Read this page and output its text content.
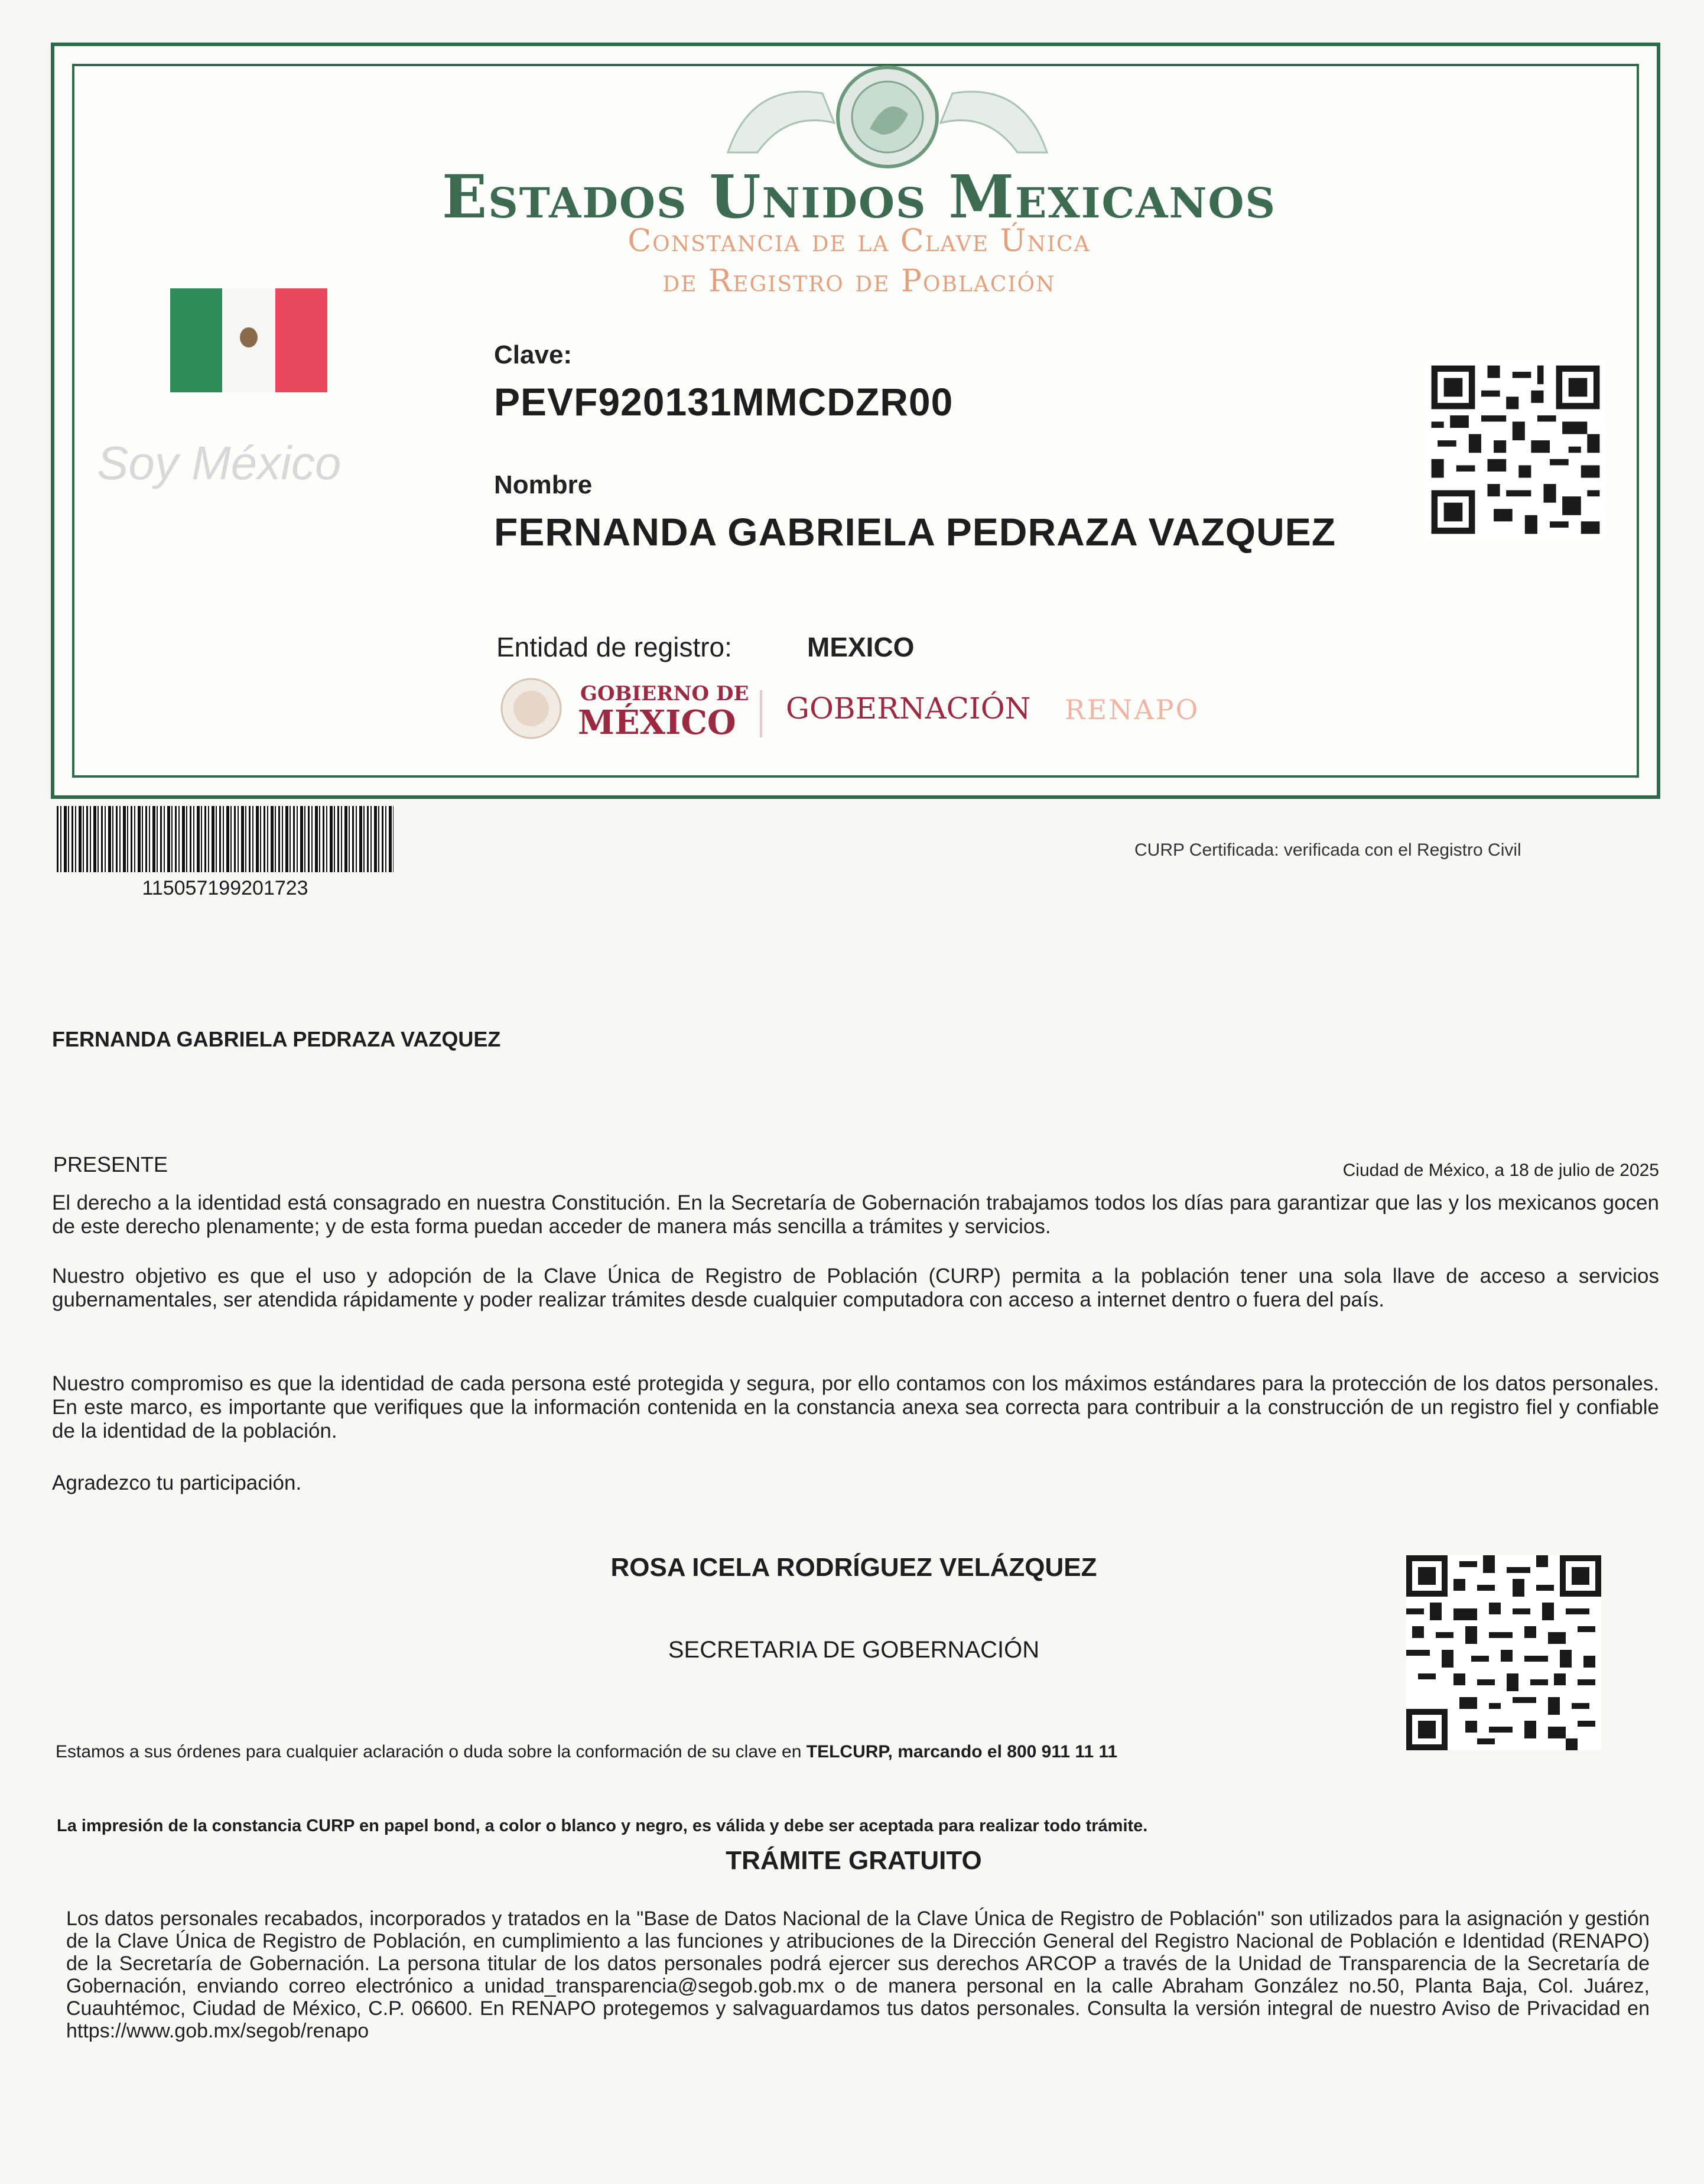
Estados Unidos Mexicanos
Constancia de la Clave Única
de Registro de Población
Soy México
Clave:
PEVF920131MMCDZR00
Nombre
FERNANDA GABRIELA PEDRAZA VAZQUEZ
Entidad de registro:	MEXICO
GOBIERNO DE
MÉXICO GOBERNACIÓN RENAPO
115057199201723
CURP Certificada: verificada con el Registro Civil
FERNANDA GABRIELA PEDRAZA VAZQUEZ
PRESENTE	Ciudad de México, a 18 de julio de 2025
El derecho a la identidad está consagrado en nuestra Constitución. En la Secretaría de Gobernación trabajamos todos los días para garantizar que las y los mexicanos gocen de este derecho plenamente; y de esta forma puedan acceder de manera más sencilla a trámites y servicios.
Nuestro objetivo es que el uso y adopción de la Clave Única de Registro de Población (CURP) permita a la población tener una sola llave de acceso a servicios gubernamentales, ser atendida rápidamente y poder realizar trámites desde cualquier computadora con acceso a internet dentro o fuera del país.
Nuestro compromiso es que la identidad de cada persona esté protegida y segura, por ello contamos con los máximos estándares para la protección de los datos personales. En este marco, es importante que verifiques que la información contenida en la constancia anexa sea correcta para contribuir a la construcción de un registro fiel y confiable de la identidad de la población.
Agradezco tu participación.
ROSA ICELA RODRÍGUEZ VELÁZQUEZ
SECRETARIA DE GOBERNACIÓN
Estamos a sus órdenes para cualquier aclaración o duda sobre la conformación de su clave en TELCURP, marcando el 800 911 11 11
La impresión de la constancia CURP en papel bond, a color o blanco y negro, es válida y debe ser aceptada para realizar todo trámite.
TRÁMITE GRATUITO
Los datos personales recabados, incorporados y tratados en la "Base de Datos Nacional de la Clave Única de Registro de Población" son utilizados para la asignación y gestión de la Clave Única de Registro de Población, en cumplimiento a las funciones y atribuciones de la Dirección General del Registro Nacional de Población e Identidad (RENAPO) de la Secretaría de Gobernación. La persona titular de los datos personales podrá ejercer sus derechos ARCOP a través de la Unidad de Transparencia de la Secretaría de Gobernación, enviando correo electrónico a unidad_transparencia@segob.gob.mx o de manera personal en la calle Abraham González no.50, Planta Baja, Col. Juárez, Cuauhtémoc, Ciudad de México, C.P. 06600. En RENAPO protegemos y salvaguardamos tus datos personales. Consulta la versión integral de nuestro Aviso de Privacidad en https://www.gob.mx/segob/renapo
